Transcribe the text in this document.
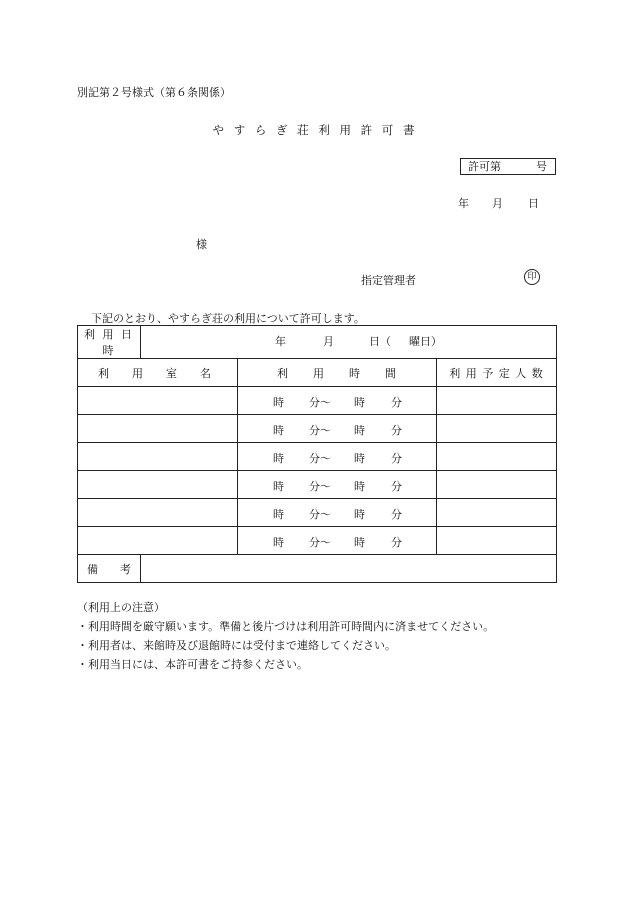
別記第２号様式（第６条関係）
や す ら ぎ 荘 利 用 許 可 書
許可第	号
年 月 日
様
指定管理者	印
下記のとおり、やすらぎ荘の利用について許可します。
利 用 日 時	年 月 日（ 曜日）		

利　用　室　名		利　　用　　時　　間	利 用 予 定 人 数

		時 分～ 時 分	

		時 分～ 時 分	

		時 分～ 時 分	

		時 分～ 時 分	

		時 分～ 時 分	

		時 分～ 時 分	

備　　考			
（利用上の注意）
・利用時間を厳守願います。準備と後片づけは利用許可時間内に済ませてください。
・利用者は、来館時及び退館時には受付まで連絡してください。
・利用当日には、本許可書をご持参ください。
